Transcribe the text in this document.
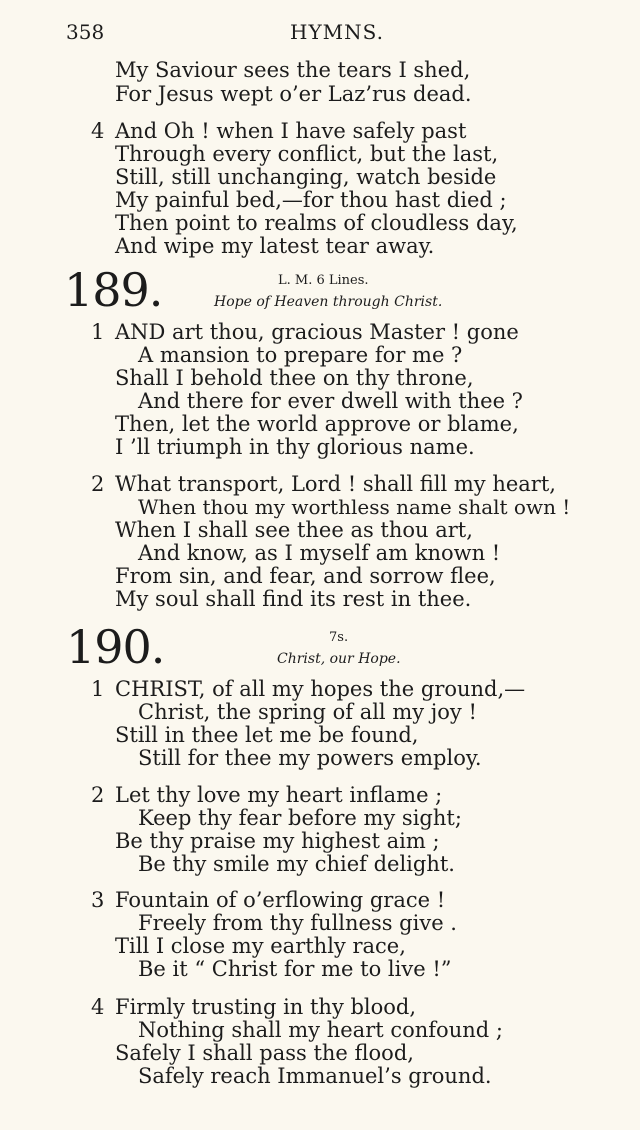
358	HYMNS.
My Saviour sees the tears I shed,
For Jesus wept o’er Laz’rus dead.
4 And Oh ! when I have safely past
Through every conflict, but the last,
Still, still unchanging, watch beside
My painful bed,—for thou hast died ;
Then point to realms of cloudless day,
And wipe my latest tear away.
189.	L. M. 6 Lines.
Hope of Heaven through Christ.
1 AND art thou, gracious Master ! gone
A mansion to prepare for me ?
Shall I behold thee on thy throne,
And there for ever dwell with thee ?
Then, let the world approve or blame,
I ’ll triumph in thy glorious name.
2 What transport, Lord ! shall fill my heart,
When thou my worthless name shalt own !
When I shall see thee as thou art,
And know, as I myself am known !
From sin, and fear, and sorrow flee,
My soul shall find its rest in thee.
190.	7s.
Christ, our Hope.
1 CHRIST, of all my hopes the ground,—
Christ, the spring of all my joy !
Still in thee let me be found,
Still for thee my powers employ.
2 Let thy love my heart inflame ;
Keep thy fear before my sight;
Be thy praise my highest aim ;
Be thy smile my chief delight.
3 Fountain of o’erflowing grace !
Freely from thy fullness give .
Till I close my earthly race,
Be it “ Christ for me to live !”
4 Firmly trusting in thy blood,
Nothing shall my heart confound ;
Safely I shall pass the flood,
Safely reach Immanuel’s ground.
